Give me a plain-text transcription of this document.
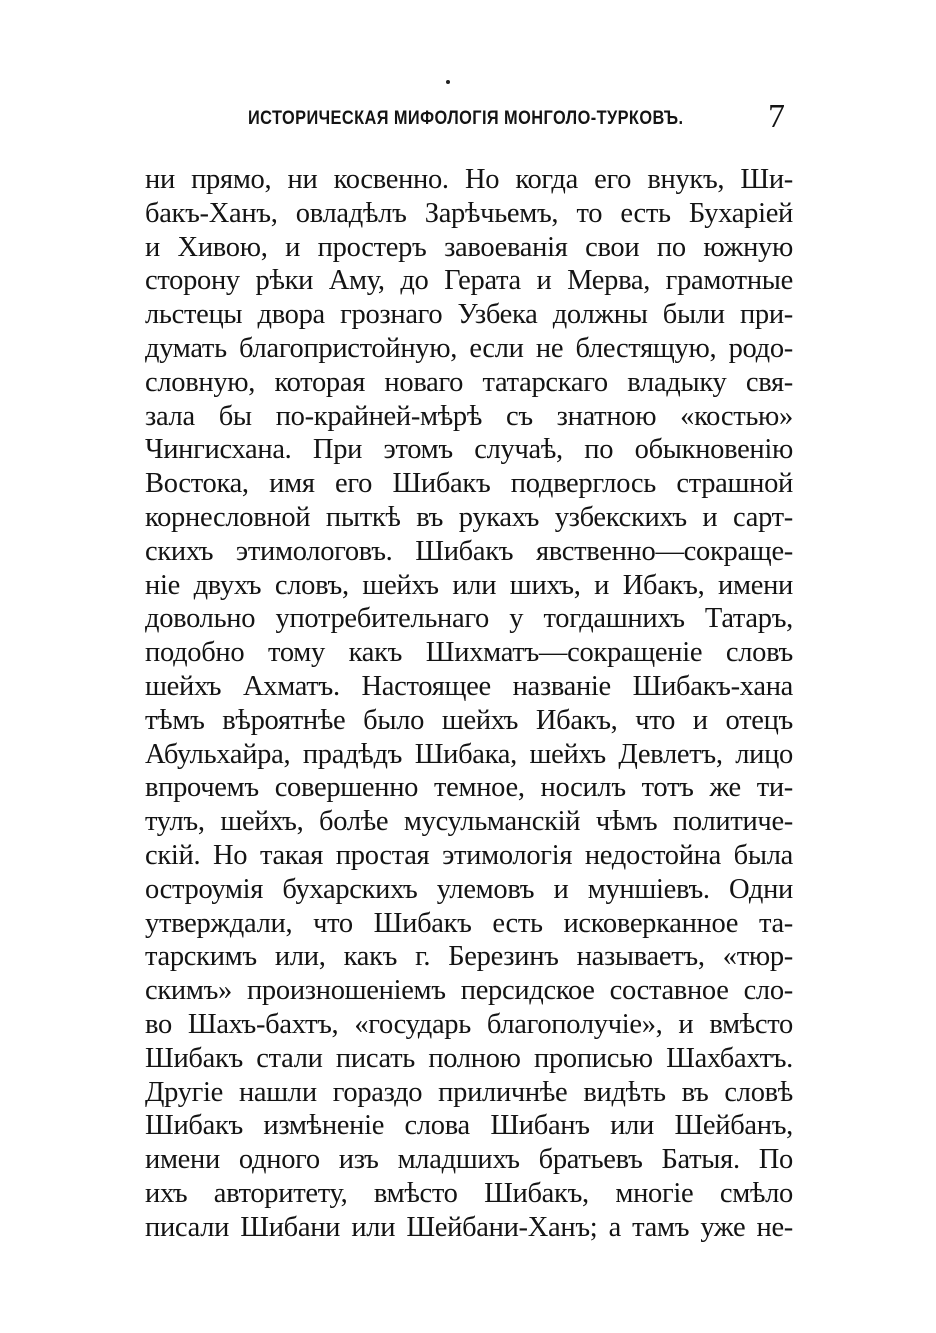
ИСТОРИЧЕСКАЯ МИФОЛОГІЯ МОНГОЛО-ТУРКОВЪ. 7
ни прямо, ни косвенно. Но когда его внукъ, Ши-
бакъ-Ханъ, овладѣлъ Зарѣчьемъ, то есть Бухаріей
и Хивою, и простеръ завоеванія свои по южную
сторону рѣки Аму, до Герата и Мерва, грамотные
льстецы двора грознаго Узбека должны были при-
думать благопристойную, если не блестящую, родо-
словную, которая новаго татарскаго владыку свя-
зала бы по-крайней-мѣрѣ съ знатною «костью»
Чингисхана. При этомъ случаѣ, по обыкновенію
Востока, имя его Шибакъ подверглось страшной
корнесловной пыткѣ въ рукахъ узбекскихъ и сарт-
скихъ этимологовъ. Шибакъ явственно—сокраще-
ніе двухъ словъ, шейхъ или шихъ, и Ибакъ, имени
довольно употребительнаго у тогдашнихъ Татаръ,
подобно тому какъ Шихматъ—сокращеніе словъ
шейхъ Ахматъ. Настоящее названіе Шибакъ-хана
тѣмъ вѣроятнѣе было шейхъ Ибакъ, что и отецъ
Абульхайра, прадѣдъ Шибака, шейхъ Девлетъ, лицо
впрочемъ совершенно темное, носилъ тотъ же ти-
тулъ, шейхъ, болѣе мусульманскій чѣмъ политиче-
скій. Но такая простая этимологія недостойна была
остроумія бухарскихъ улемовъ и муншіевъ. Одни
утверждали, что Шибакъ есть исковерканное та-
тарскимъ или, какъ г. Березинъ называетъ, «тюр-
скимъ» произношеніемъ персидское составное сло-
во Шахъ-бахтъ, «государь благополучіе», и вмѣсто
Шибакъ стали писать полною прописью Шахбахтъ.
Другіе нашли гораздо приличнѣе видѣть въ словѣ
Шибакъ измѣненіе слова Шибанъ или Шейбанъ,
имени одного изъ младшихъ братьевъ Батыя. По
ихъ авторитету, вмѣсто Шибакъ, многіе смѣло
писали Шибани или Шейбани-Ханъ; а тамъ уже не-
